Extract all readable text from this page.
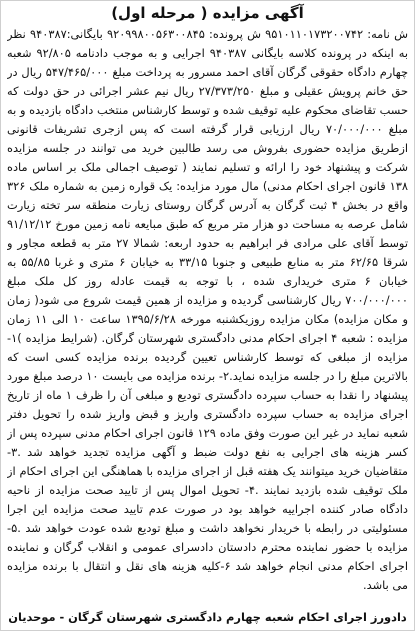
آگهی مزایده ( مرحله اول)
ش نامه: ۹۵۱۰۱۱۰۱۷۳۲۰۰۷۴۲ ش پرونده: ۹۲۰۹۹۸۰۰۵۶۳۰۰۸۴۵ بایگانی:۹۴۰۳۸۷ نظر به اینکه در پرونده کلاسه بایگانی ۹۴۰۳۸۷ اجرایی و به موجب دادنامه ۹۲/۸۰۵ شعبه چهارم دادگاه حقوقی گرگان آقای احمد مسرور به پرداخت مبلغ ۵۴۷/۴۶۵/۰۰۰ ریال در حق خانم پرویش عقیلی و مبلغ ۲۷/۳۷۳/۲۵۰ ریال نیم عشر اجرائی در حق دولت که حسب تقاضای محکوم علیه توقیف شده و توسط کارشناس منتخب دادگاه بازدیده و به مبلغ ۷۰/۰۰۰/۰۰۰ ریال ارزیابی قرار گرفته است که پس ازجری تشریفات قانونی ازطریق مزایده حضوری بفروش می رسد طالبین خرید می توانند در جلسه مزایده شرکت و پیشنهاد خود را ارائه و تسلیم نمایند ( توصیف اجمالی ملک بر اساس ماده ۱۳۸ قانون اجرای احکام مدنی) مال مورد مزایده: یک قواره زمین به شماره ملک ۳۲۶ واقع در بخش ۴ ثبت گرگان به آدرس گرگان روستای زیارت منطقه سر تخته زیارت شامل عرصه به مساحت دو هزار متر مربع که طبق مبایعه نامه زمین مورخ ۹۱/۱۲/۱۲ توسط آقای علی مرادی فر ابراهیم به حدود اربعه: شمالا ۲۷ متر به قطعه مجاور و شرقا ۶۲/۶۵ متر به منابع طبیعی و جنوبا ۳۳/۱۵ به خیابان ۶ متری و غربا ۵۵/۸۵ به خیابان ۶ متری خریداری شده ، با توجه به قیمت عادله روز کل ملک مبلغ ۷۰۰/۰۰۰/۰۰۰ ریال کارشناسی گردیده و مزایده از همین قیمت شروع می شود( زمان و مکان مزایده) مکان مزایده روزیکشنبه مورخه ۱۳۹۵/۶/۲۸ ساعت ۱۰ الی ۱۱ زمان مزایده : شعبه ۴ اجرای احکام مدنی دادگستری شهرستان گرگان. (شرایط مزایده )۱- مزایده از مبلغی که توسط کارشناس تعیین گردیده برنده مزایده کسی است که بالاترین مبلغ را در جلسه مزایده نماید.۲- برنده مزایده می بایست ۱۰ درصد مبلغ مورد پیشنهاد را نقدا به حساب سپرده دادگستری تودیع و مبلغی آن را ظرف ۱ ماه از تاریخ اجرای مزایده به حساب سپرده دادگستری واریز و قبض واریز شده را تحویل دفتر شعبه نماید در غیر این صورت وفق ماده ۱۲۹ قانون اجرای احکام مدنی سپرده پس از کسر هزینه های اجرایی به نفع دولت ضبط و آگهی مزایده تجدید خواهد شد .۳- متقاضیان خرید میتوانند یک هفته قبل از اجرای مزایده با هماهنگی این اجرای احکام از ملک توقیف شده بازدید نمایند .۴- تحویل اموال پس از تایید صحت مزایده از ناحیه دادگاه صادر کننده اجراییه خواهد بود در صورت عدم تایید صحت مزایده این اجرا مسئولیتی در رابطه با خریدار نخواهد داشت و مبلغ تودیع شده عودت خواهد شد .۵- مزایده با حضور نماینده محترم دادستان دادسرای عمومی و انقلاب گرگان و نماینده اجرای احکام مدنی انجام خواهد شد ۶-کلیه هزینه های نقل و انتقال با برنده مزایده می باشد.
دادورز اجرای احکام شعبه چهارم دادگستری شهرستان گرگان - موحدیان
